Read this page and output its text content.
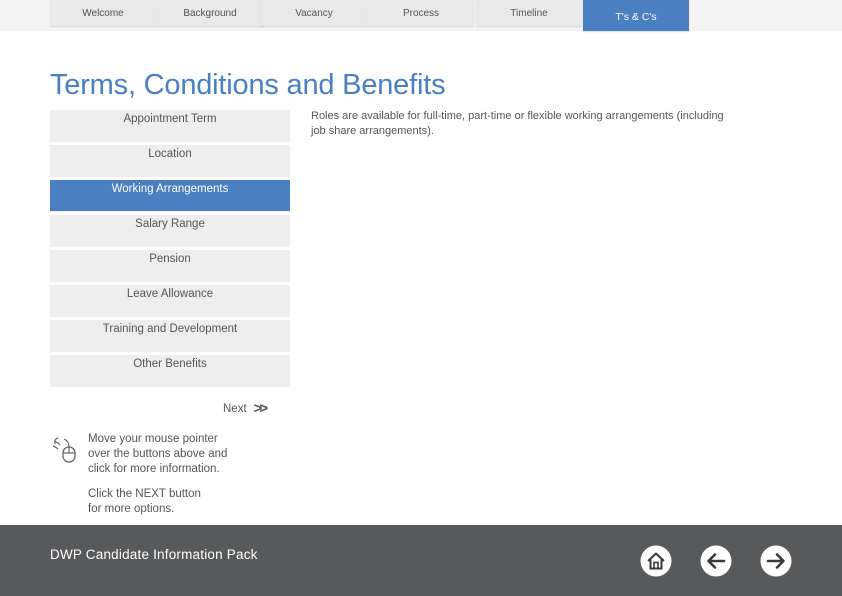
Welcome	Background	Vacancy	Process	Timeline	T's & C's
Terms, Conditions and Benefits
Appointment Term
Location
Working Arrangements
Salary Range
Pension
Leave Allowance
Training and Development
Other Benefits

Roles are available for full-time, part-time or flexible working arrangements (including job share arrangements).

Next >>

Move your mouse pointer over the buttons above and click for more information.

Click the NEXT button for more options.

DWP Candidate Information Pack
